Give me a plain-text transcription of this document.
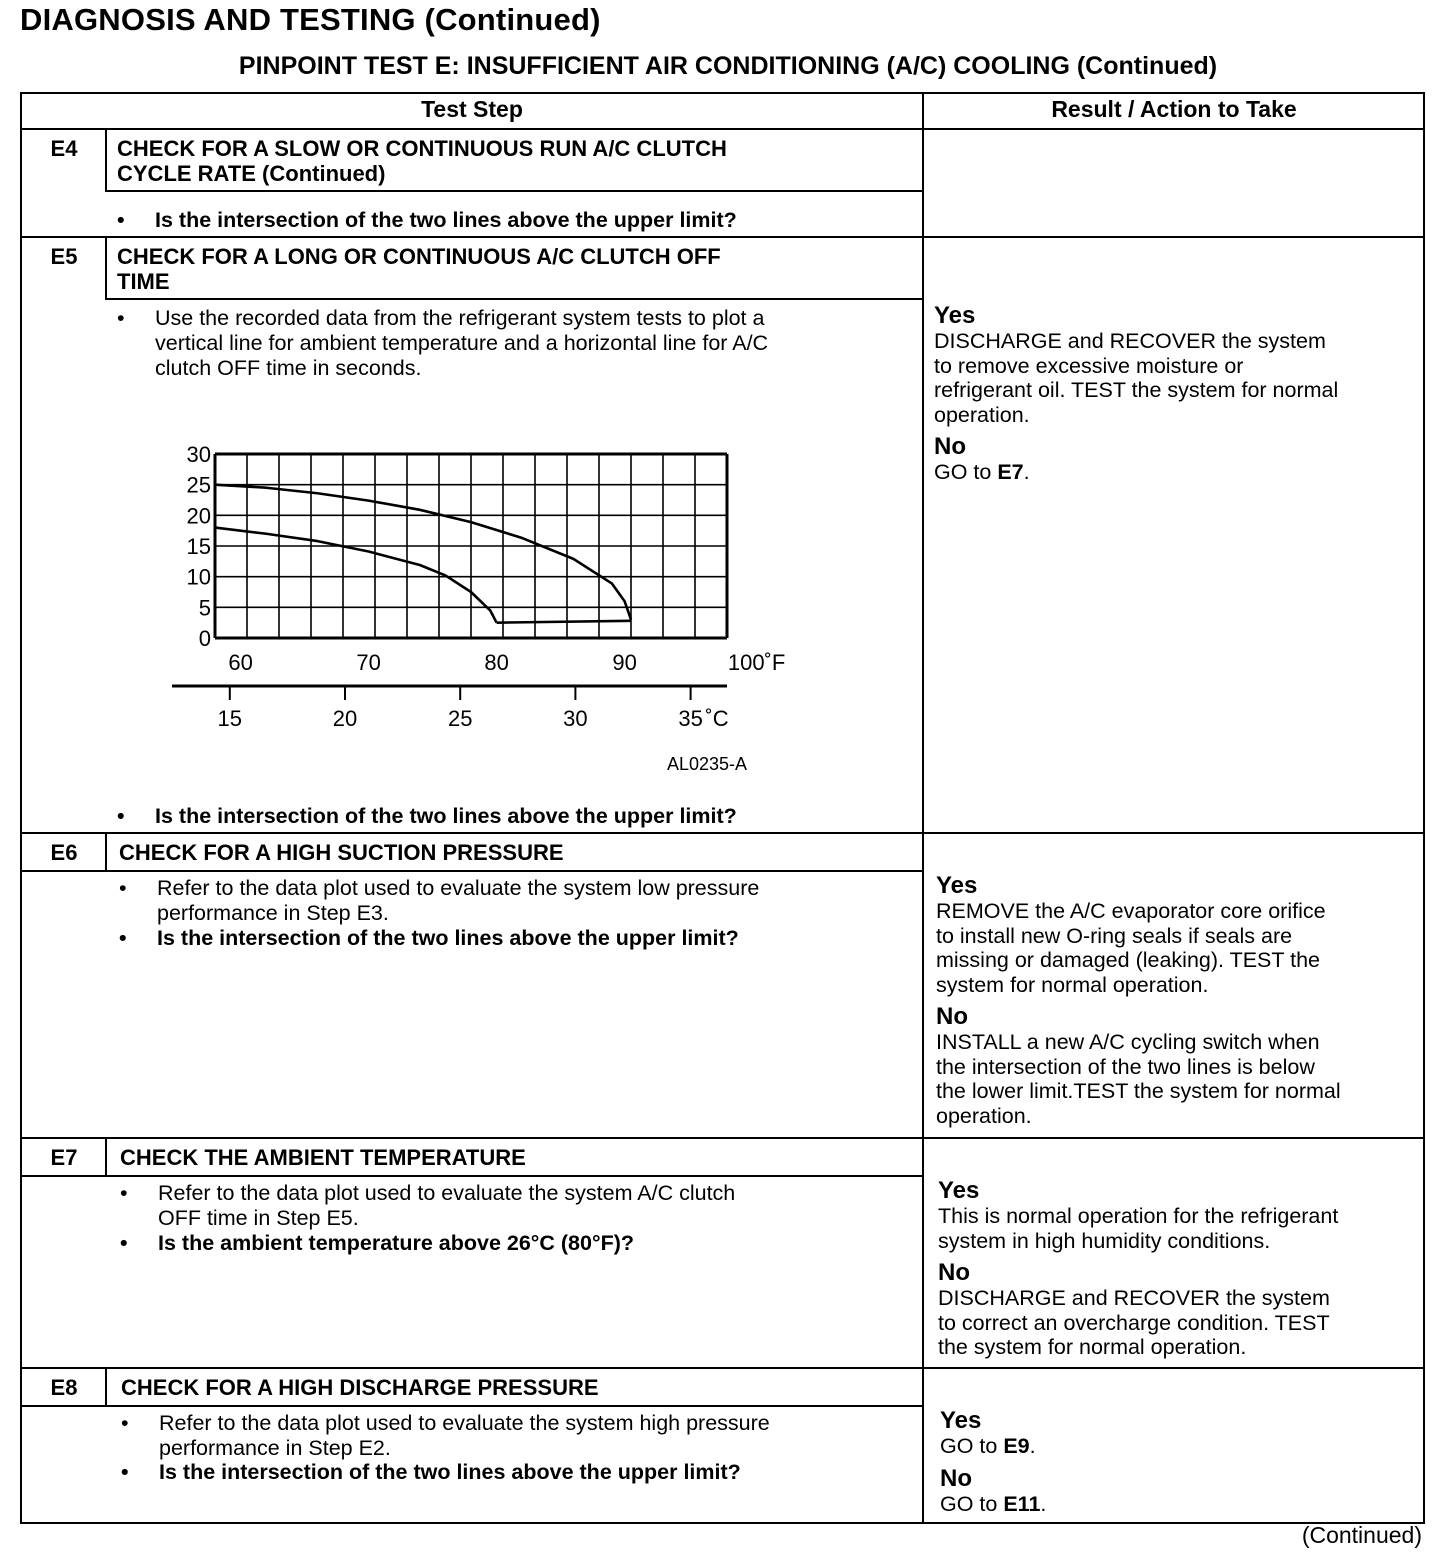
DIAGNOSIS AND TESTING (Continued)
PINPOINT TEST E: INSUFFICIENT AIR CONDITIONING (A/C) COOLING (Continued)
Test Step	Result / Action to Take
E4	CHECK FOR A SLOW OR CONTINUOUS RUN A/C CLUTCH
CYCLE RATE (Continued)
• Is the intersection of the two lines above the upper limit?
E5	CHECK FOR A LONG OR CONTINUOUS A/C CLUTCH OFF
TIME
• Use the recorded data from the refrigerant system tests to plot a
vertical line for ambient temperature and a horizontal line for A/C
clutch OFF time in seconds.
30
25
20
15
10
5
0
60	70	80	90	100˚F
15	20	25	30	35 ˚C
AL0235-A
• Is the intersection of the two lines above the upper limit?
Yes
DISCHARGE and RECOVER the system
to remove excessive moisture or
refrigerant oil. TEST the system for normal
operation.
No
GO to E7.
E6	CHECK FOR A HIGH SUCTION PRESSURE
• Refer to the data plot used to evaluate the system low pressure
performance in Step E3.
• Is the intersection of the two lines above the upper limit?
Yes
REMOVE the A/C evaporator core orifice
to install new O-ring seals if seals are
missing or damaged (leaking). TEST the
system for normal operation.
No
INSTALL a new A/C cycling switch when
the intersection of the two lines is below
the lower limit.TEST the system for normal
operation.
E7	CHECK THE AMBIENT TEMPERATURE
• Refer to the data plot used to evaluate the system A/C clutch
OFF time in Step E5.
• Is the ambient temperature above 26°C (80°F)?
Yes
This is normal operation for the refrigerant
system in high humidity conditions.
No
DISCHARGE and RECOVER the system
to correct an overcharge condition. TEST
the system for normal operation.
E8	CHECK FOR A HIGH DISCHARGE PRESSURE
• Refer to the data plot used to evaluate the system high pressure
performance in Step E2.
• Is the intersection of the two lines above the upper limit?
Yes
GO to E9.
No
GO to E11.
(Continued)
